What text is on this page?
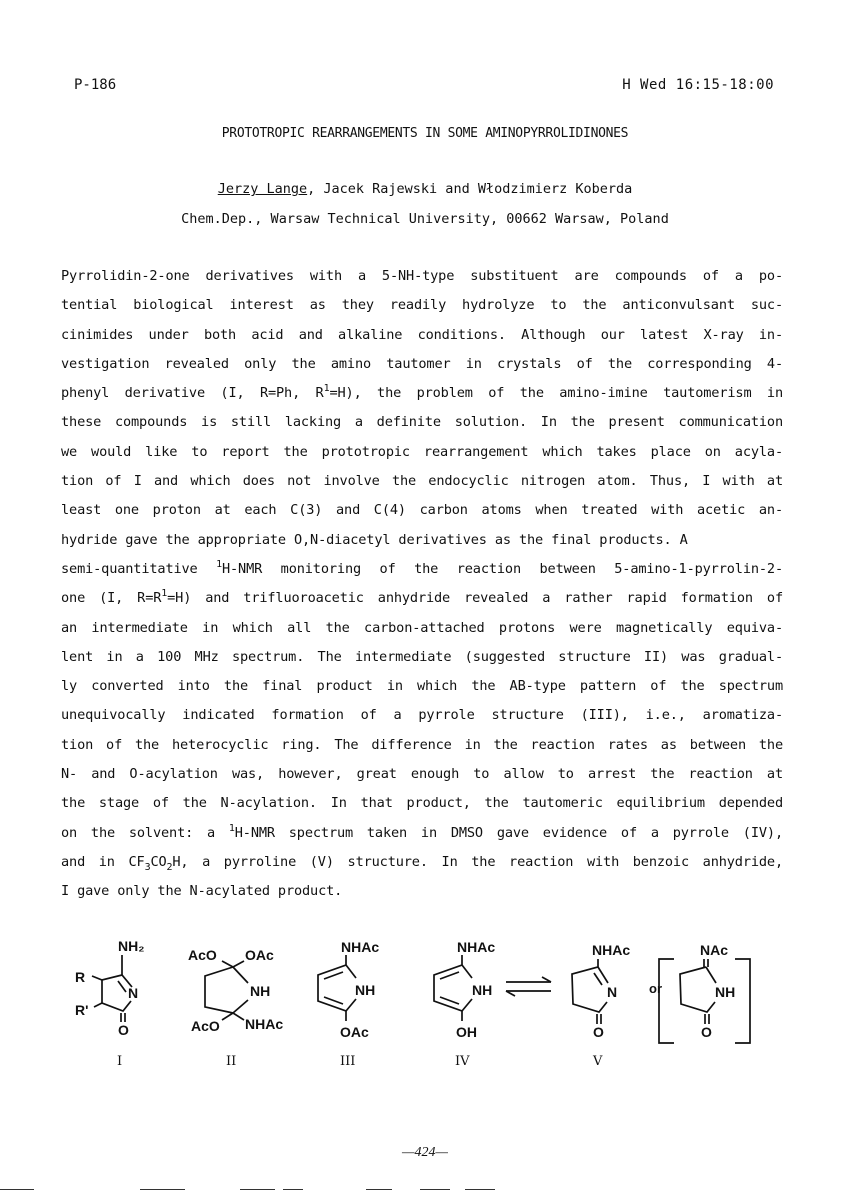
P-186	H Wed 16:15-18:00
PROTOTROPIC REARRANGEMENTS IN SOME AMINOPYRROLIDINONES
Jerzy Lange, Jacek Rajewski and Włodzimierz Koberda
Chem.Dep., Warsaw Technical University, 00662 Warsaw, Poland
Pyrrolidin-2-one derivatives with a 5-NH-type substituent are compounds of a po-
tential biological interest as they readily hydrolyze to the anticonvulsant suc-
cinimides under both acid and alkaline conditions. Although our latest X-ray in-
vestigation revealed only the amino tautomer in crystals of the corresponding 4-
phenyl derivative (I, R=Ph, $R^1=H$), the problem of the amino-imine tautomerism in
these compounds is still lacking a definite solution. In the present communication
we would like to report the prototropic rearrangement which takes place on acyla-
tion of I and which does not involve the endocyclic nitrogen atom. Thus, I with at
least one proton at each C(3) and C(4) carbon atoms when treated with acetic an-
hydride gave the appropriate O,N-diacetyl derivatives as the final products. A
semi-quantitative $^1$H-NMR monitoring of the reaction between 5-amino-1-pyrrolin-2-
one (I, $R=R^1=H$) and trifluoroacetic anhydride revealed a rather rapid formation of
an intermediate in which all the carbon-attached protons were magnetically equiva-
lent in a 100 MHz spectrum. The intermediate (suggested structure II) was gradual-
ly converted into the final product in which the AB-type pattern of the spectrum
unequivocally indicated formation of a pyrrole structure (III), i.e., aromatiza-
tion of the heterocyclic ring. The difference in the reaction rates as between the
N- and O-acylation was, however, great enough to allow to arrest the reaction at
the stage of the N-acylation. In that product, the tautomeric equilibrium depended
on the solvent: a $^1$H-NMR spectrum taken in DMSO gave evidence of a pyrrole (IV),
and in $CF_3CO_2H$, a pyrroline (V) structure. In the reaction with benzoic anhydride,
I gave only the N-acylated product.
NH₂
R
R'
N
O
I
AcO OAc
NH
AcO NHAc
II
NHAc
NH
OAc
III
NHAc
NH
OH
IV
NHAc
N
O
V
or
NAc
NH
O
—424—
